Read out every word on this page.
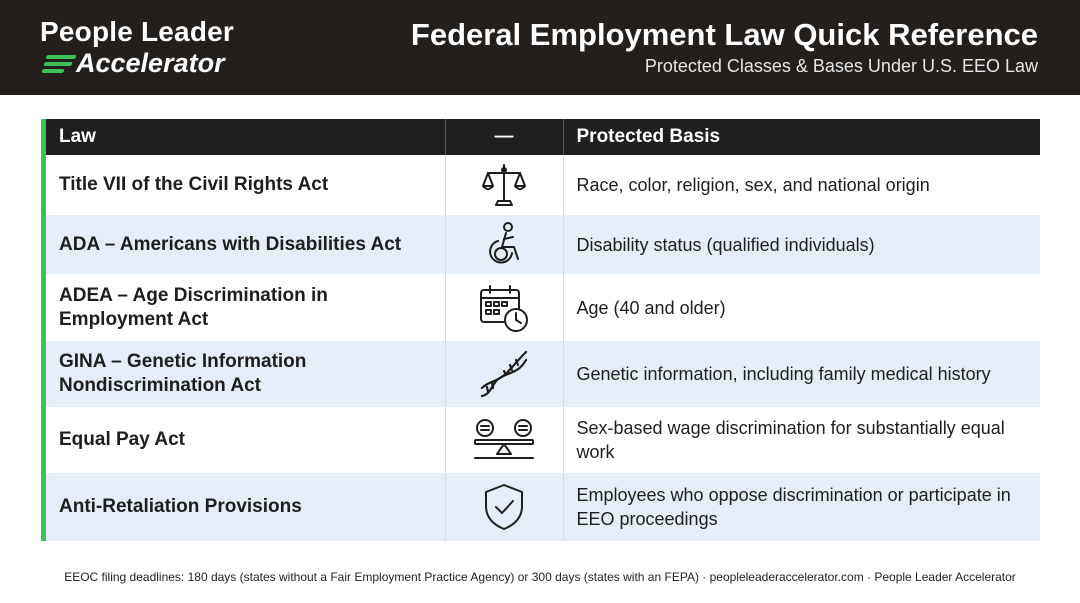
People Leader
Accelerator
Federal Employment Law Quick Reference
Protected Classes & Bases Under U.S. EEO Law
Law	—	Protected Basis
Title VII of the Civil Rights Act		Race, color, religion, sex, and national origin
ADA – Americans with Disabilities Act		Disability status (qualified individuals)
ADEA – Age Discrimination in Employment Act		Age (40 and older)
GINA – Genetic Information Nondiscrimination Act		Genetic information, including family medical history
Equal Pay Act		Sex-based wage discrimination for substantially equal work
Anti-Retaliation Provisions		Employees who oppose discrimination or participate in EEO proceedings
EEOC filing deadlines: 180 days (states without a Fair Employment Practice Agency) or 300 days (states with an FEPA) · peopleleaderaccelerator.com · People Leader Accelerator
